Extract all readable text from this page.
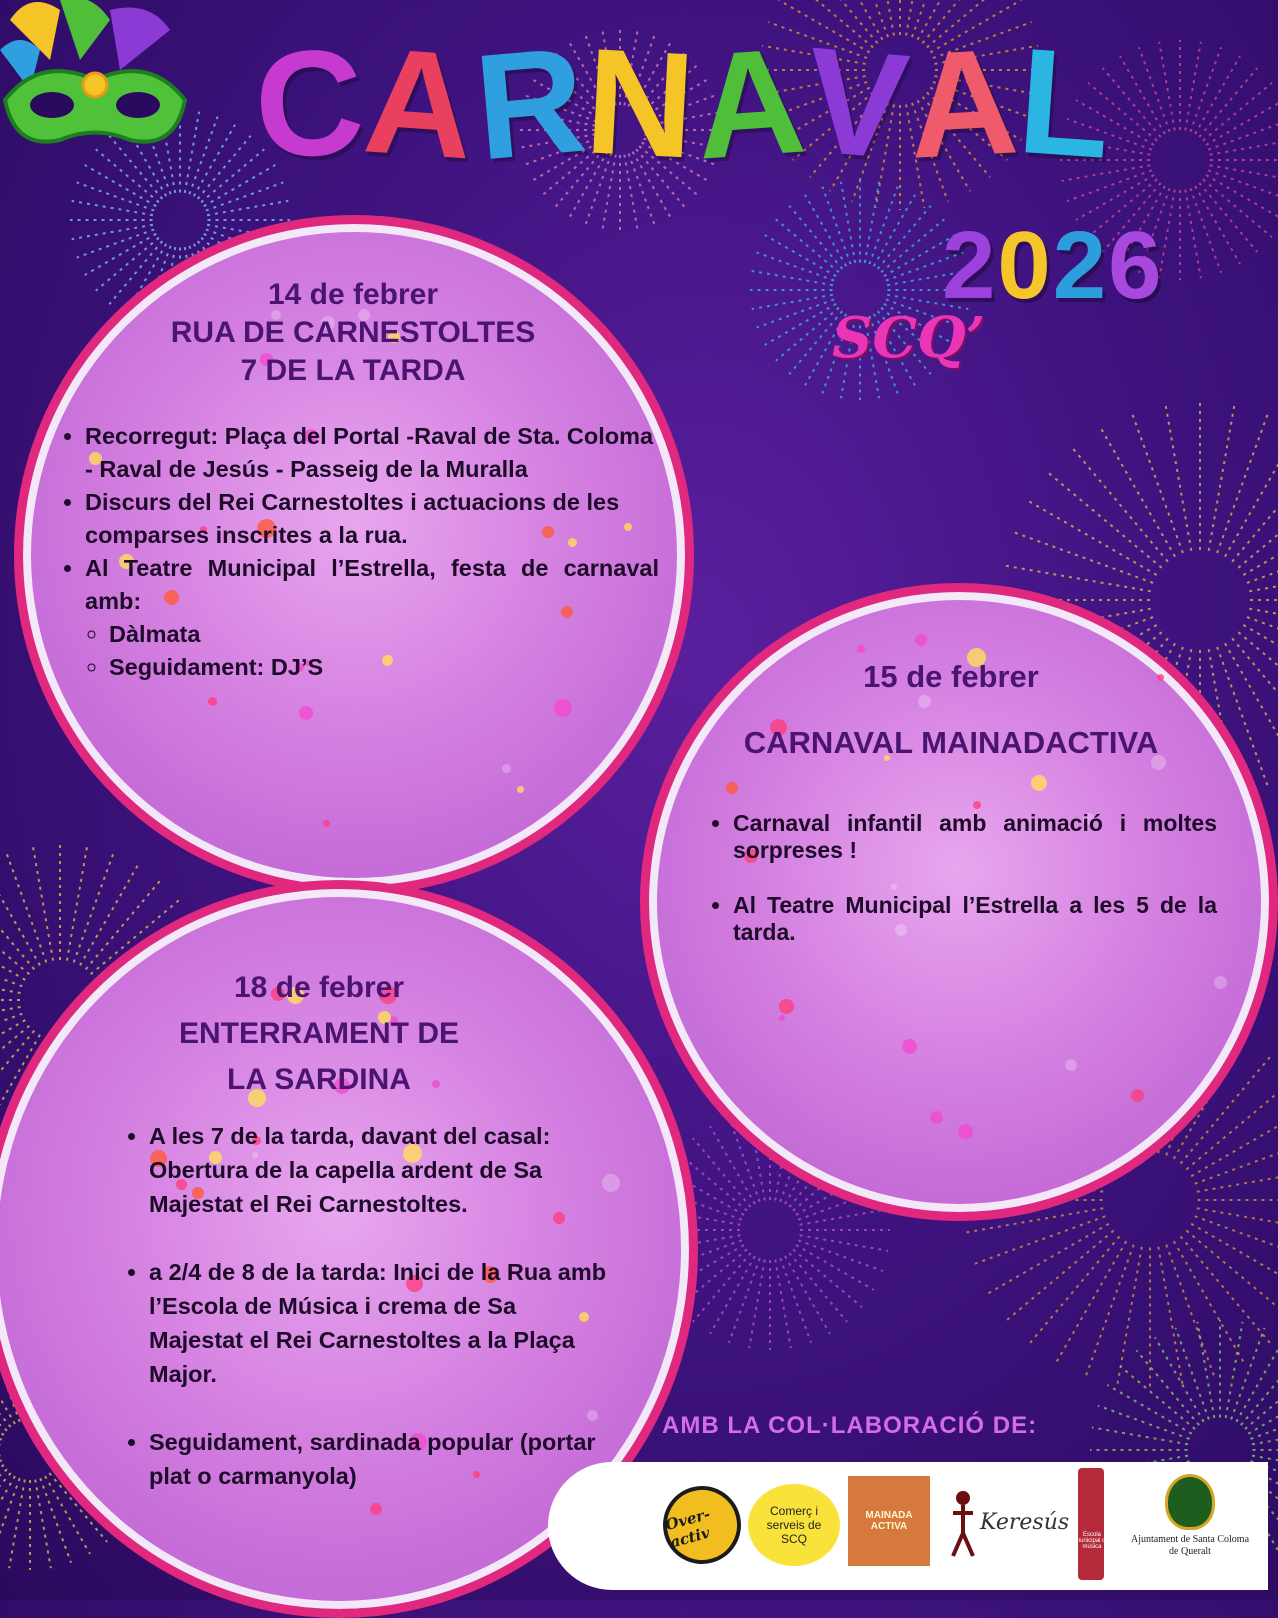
CARNAVAL
2026
SCQ’
14 de febrer
RUA DE CARNESTOLTES
7 DE LA TARDA
• Recorregut: Plaça del Portal -Raval de Sta. Coloma - Raval de Jesús - Passeig de la Muralla
• Discurs del Rei Carnestoltes i actuacions de les comparses inscrites a la rua.
• Al Teatre Municipal l’Estrella, festa de carnaval amb:
◦ Dàlmata
◦ Seguidament: DJ’S	15 de febrer
CARNAVAL MAINADACTIVA
• Carnaval infantil amb animació i moltes sorpreses !
• Al Teatre Municipal l’Estrella a les 5 de la tarda.
18 de febrer
ENTERRAMENT DE
LA SARDINA
• A les 7 de la tarda, davant del casal: Obertura de la capella ardent de Sa Majestat el Rei Carnestoltes.
• a 2/4 de 8 de la tarda: Inici de la Rua amb l’Escola de Música i crema de Sa Majestat el Rei Carnestoltes a la Plaça Major.
• Seguidament, sardinada popular (portar plat o carmanyola)
AMB LA COL·LABORACIÓ DE:
Over-activ
Comerç i serveis de SCQ
MAINADA ACTIVA	Keresús	Escola municipal de música
Ajuntament de Santa Coloma de Queralt
